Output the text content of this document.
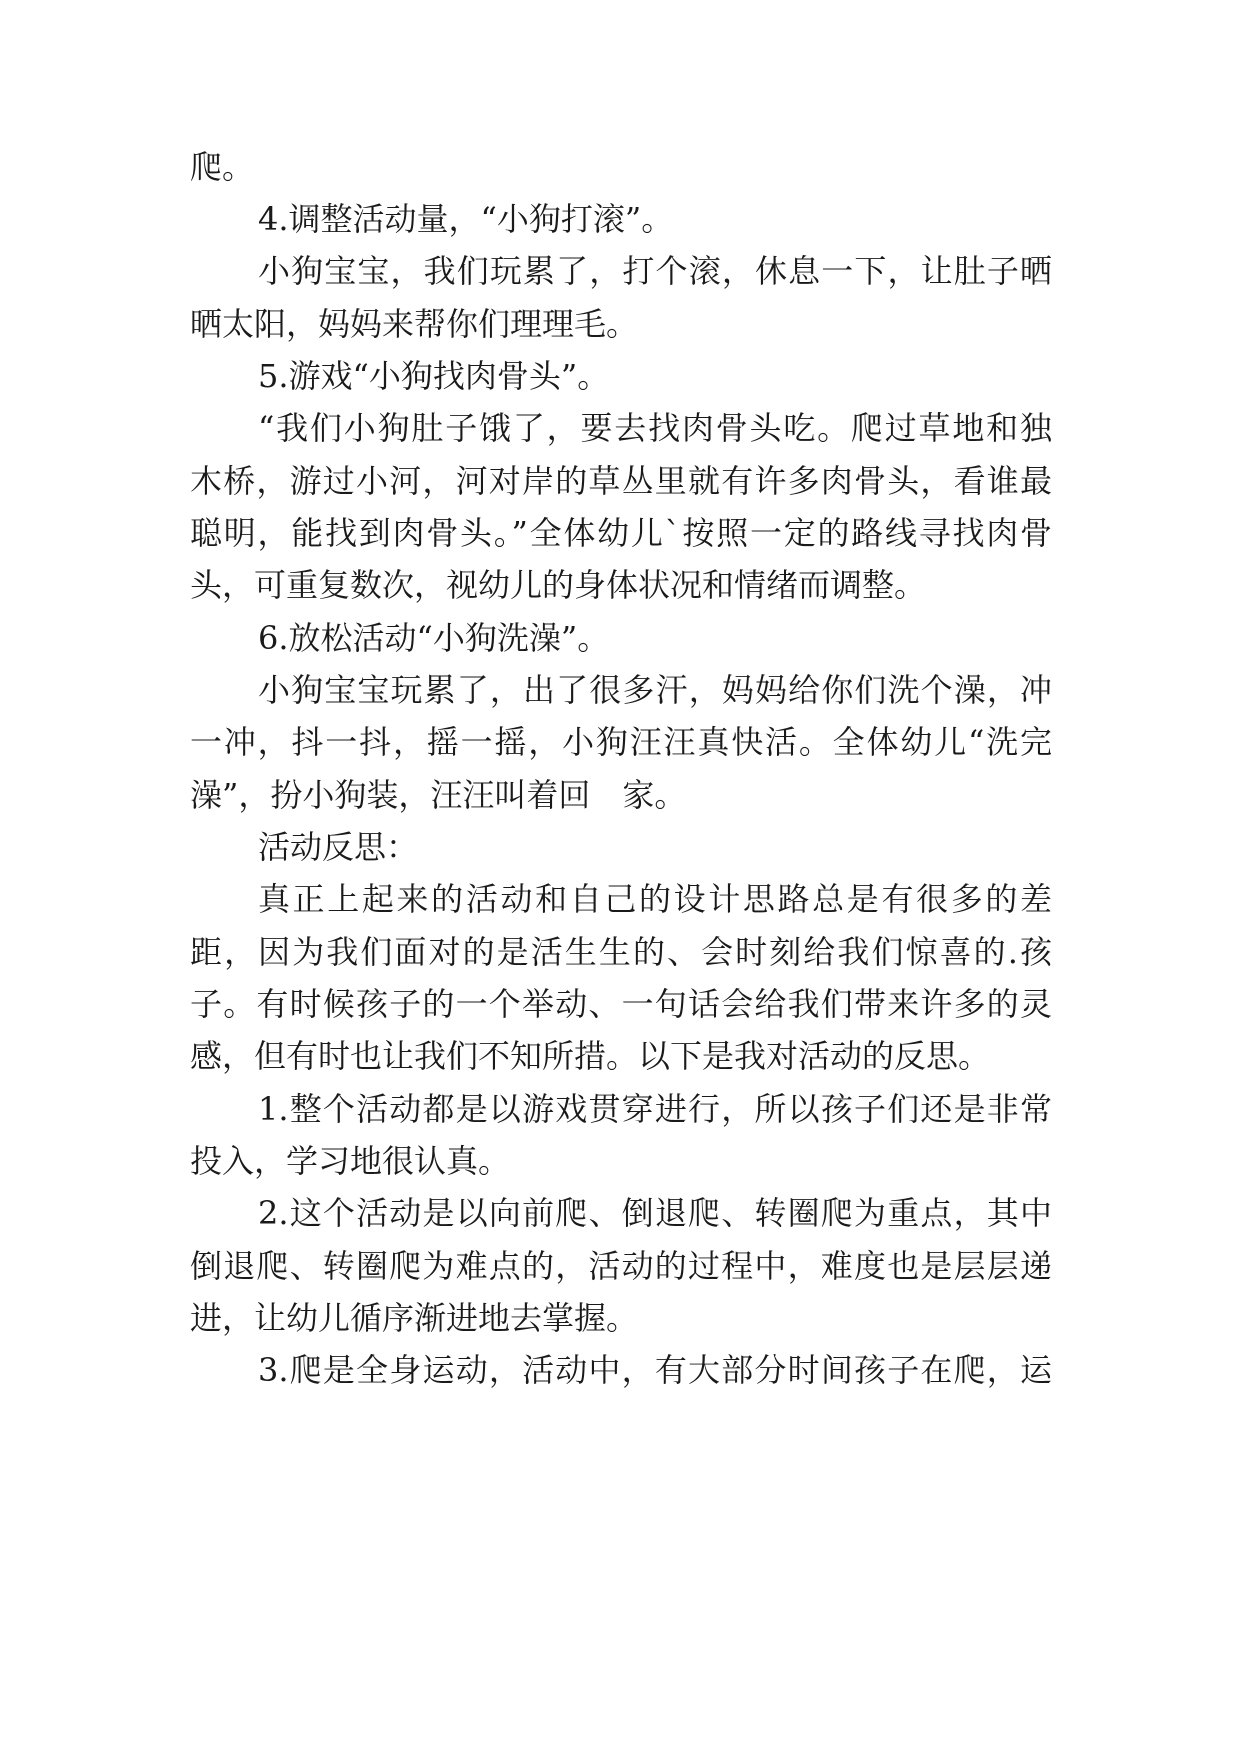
爬。
4.调整活动量，“小狗打滚”。
小狗宝宝，我们玩累了，打个滚，休息一下，让肚子晒
晒太阳，妈妈来帮你们理理毛。
5.游戏“小狗找肉骨头”。
“我们小狗肚子饿了，要去找肉骨头吃。爬过草地和独
木桥，游过小河，河对岸的草丛里就有许多肉骨头，看谁最
聪明，能找到肉骨头。”全体幼儿`按照一定的路线寻找肉骨
头，可重复数次，视幼儿的身体状况和情绪而调整。
6.放松活动“小狗洗澡”。
小狗宝宝玩累了，出了很多汗，妈妈给你们洗个澡，冲
一冲，抖一抖，摇一摇，小狗汪汪真快活。全体幼儿“洗完
澡”，扮小狗装，汪汪叫着回　家。
活动反思：
真正上起来的活动和自己的设计思路总是有很多的差
距，因为我们面对的是活生生的、会时刻给我们惊喜的.孩
子。有时候孩子的一个举动、一句话会给我们带来许多的灵
感，但有时也让我们不知所措。以下是我对活动的反思。
1.整个活动都是以游戏贯穿进行，所以孩子们还是非常
投入，学习地很认真。
2.这个活动是以向前爬、倒退爬、转圈爬为重点，其中
倒退爬、转圈爬为难点的，活动的过程中，难度也是层层递
进，让幼儿循序渐进地去掌握。
3.爬是全身运动，活动中，有大部分时间孩子在爬，运
